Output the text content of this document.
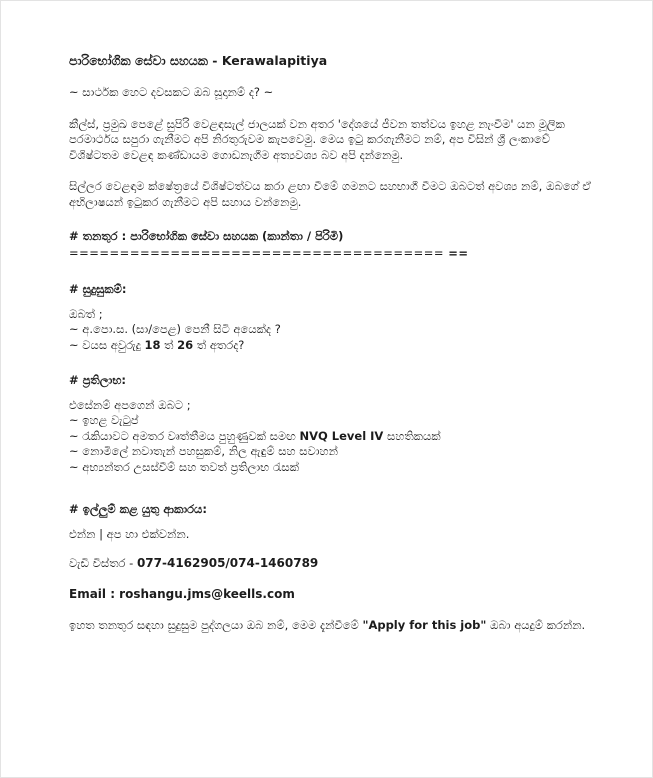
පාරිභෝගික සේවා සහයක - Kerawalapitiya
~ සාර්ථක හෙට දවසකට ඔබ සූදානම් ද? ~
කීල්ස්, ප්‍රමුඛ පෙළේ සුපිරි වෙළඳසැල් ජාලයක් වන අතර 'දේශයේ ජීවන තත්වය ඉහළ නැංවීම' යන මූලික පරමාර්ථය සපුරා ගැනීමට අපි නිරතුරුවම කැපවෙමු. මෙය ඉටු කරගැනීමට නම්, අප විසින් ශ්‍රී ලංකාවේ විශිෂ්ටතම වෙළඳ කණ්ඩායම ගොඩනැගීම අත්‍යවශ්‍ය බව අපි දන්නෙමු.
සිල්ලර වෙළඳාම ක්ෂේත්‍රයේ විශිෂ්ටත්වය කරා ළඟා වීමේ ගමනට සහභාගී වීමට ඔබටත් අවශ්‍ය නම්, ඔබගේ ඒ අභිලාෂයන් ඉටුකර ගැනීමට අපි සහාය වන්නෙමු.
# තනතුර : පාරිභෝගික සේවා සහයක (කාන්තා / පිරිමි)
===================================== ==
# සුදුසුකම්:
ඔබත් ;
~ අ.පො.ස. (සා/පෙළ) පෙනී සිටි අයෙක්ද ?
~ වයස අවුරුදු 18 ත් 26 ත් අතරද?
# ප්‍රතිලාභ:
එසේනම් අපගෙන් ඔබට ;
~ ඉහළ වැටුප්
~ රැකියාවට අමතර වෘත්තීමය පුහුණුවක් සමඟ NVQ Level IV සහතිකයක්
~ නොමිලේ නවාතැන් පහසුකම්, නිල ඇඳුම් සහ සවාහන්
~ අභ්‍යන්තර උසස්වීම් සහ තවත් ප්‍රතිලාභ රැසක්
# ඉල්ලුම් කළ යුතු ආකාරය:
එන්න | අප හා එක්වන්න.
වැඩි විස්තර - 077-4162905/074-1460789
Email : roshangu.jms@keells.com
ඉහත තනතුර සඳහා සුදුසුම පුද්ගලයා ඔබ නම්, මෙම දැන්වීමේ "Apply for this job" ඔබා අයදුම් කරන්න.
